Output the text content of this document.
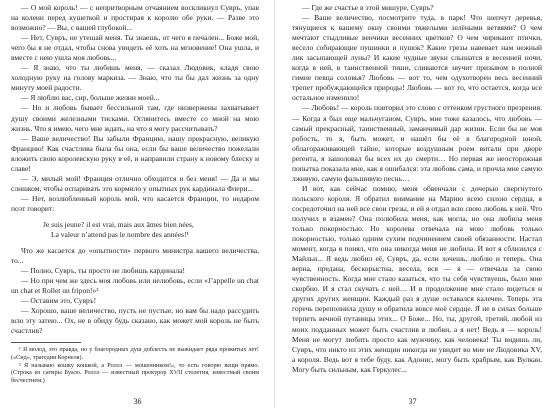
— О мой король! — с непритворным отчаянием воскликнул Сувръ, упав на колени перед кушеткой и простирая к королю обе руки. — Разве это возможно? — Вы, с вашей глубокой...

— Нет, Сувръ, не утешай меня. Ты знаешь, от чего я печален... Боже мой, чего бы я не отдал, чтобы снова увидеть её хоть на мгновение! Она ушла, и вместе с нею ушла моя любовь...

— Я знаю, что ты любишь меня, — сказал Людовик, кладя свою холодную руку на голову маркиза. — Знаю, что ты бы дал жизнь за одну минуту моей радости.

— Я люблю вас, сир, больше жизни моей...

— Но и любовь бывает бессильной там, где низвержены захватывает душу своими железными тисками. Оглянитесь вместе со мной на мою жизнь. Что я имею, чего мне ждать, на что я могу рассчитывать?

— Ваше величество! Вы забыли Францию, нашу прекрасную, великую Францию! Как счастлива была бы она, если бы ваше величество пожелали вложить свою королевскую руку в её, и направили страну к новому блеску и славе!

— Э, милый мой! Франция отлично обходится и без меня! — Да и мы слишком, чтобы оспаривать это кормило у опытных рук кардинала Флери...

— Нет, возлюбленный король мой, что касается Франции, то недаром поэт говорит:

Je suis jeune? il est vrai, mais aux âmes bien nées,
La valeur n’attend pas le nombre des années!¹

Что же касается до «опытности» первого министра вашего величества, то...

— Полно, Сувръ, ты просто не любишь кардинала!

— Но при чем же здесь моя любовь или нелюбовь, если «J’appelle un chat un chat et Rollet un fripon!»²

— Оставим это, Сувръ!

— Хорошо, ваше величество, пусть не пустые, но вам бы надо рассудить всю эту затею... Ох, не в обиду будь сказано, как может мой король не быть счастлив?

¹ Я молод, это правда, но у благородных душ доблесть не выжидает ряда прожитых лет! («Сид», трагедия Корнеля).

² Я называю кошку кошкой, а Роллэ — мошенником!», то есть говорю вещи прямо. (Строка из сатиры Буало. Роллэ — известный прокурор XVII столетия, известный своим бесчестием.)

36

— Где же счастье в этой мишуре, Сувръ?

— Ваше величество, посмотрите туда, в парк! Что шепчут деревья, тянущиеся к вашему окну своими тяжелыми зелёными ветвями? О чем мечтают стыдливые венчики весенних цветков? О чем чирикают птички, весело собирающие пушинки и пушок? Какие грезы навевает нам нежный лик засыпающей луны? И какие чудные звуки слышатся в весенней ночи, когда в ней, в таинственной тиши, сливаются звучит призывом в полной гимне певца соловья? Любовь — вот то, чем одухотворен весь весенний трепет пробуждающейся природы! Любовь — вот то, что остается, когда все остальное изменило!

— Любовь! — король повторил это слово с оттенком грустного презрения. — Когда я был еще мальчуганом, Сувръ, мне тоже казалось, что любовь — самый прекрасный, таинственный, заманчивый дар жизни. Если бы не моя робость, то я, быть может, и нашёл бы её в благородной юной, облагораживающей тайне, которые воздушным роем витали при дворе регента, я зашоловал бы всех их до смерти… Но первая же неосторожная попытка показала мне, как я ошибался: эта любовь сама, и прочла мне самую лживую, самую фальшивую песнь…

И вот, как сейчас помню, меня обвенчали с дочерью свергнутого польского короля. Я обратил внимание на Марию всею силою сердца, я сосредоточил на ней все свои грезы, и ей я отдал всю свою любовь к ней. Что получил я взамен? Она полюбила меня, как могла, но она любила меня только покорностью. Но королева отвечала на мою любовь только покорностью, только одним сухим подчинением своей обязанности. Настал момент, когда я понял, что она никогда меня не любила. И вот я сблизился с Майльи... Я ведь любил её, Сувръ, да, если хочешь, люблю и теперь. Она верна, предана, бескорыстна, весела, вся — я — отвечала за свою чувственность. Когда мне стало казаться, что ты себя чувствуешь, было мне скорбно. И я стал скучать с ней… И в продолжение мне стало видеться и других других женщин. Каждый раз я душе оставался калечен. Теперь эта горечь переполнила душу и обратила вовсе моё сердце. Я не в силах больше терпеть вечной путаницы этих... О Боже... Но, ты, другой, третий, любой из моих подданных может быть счастлив в любви, а я нет! Ведь я — король! Меня не могут любить просто как мужчину, как человека! Ты видишь ли, Сувръ, что никто из этих женщин никогда не увидит во мне не Людовика XV, а короля. Ведь вот я тебе буду, как Адонис, могу быть храбрым, как Вулкан. Могу быть сильным, как Геркулес...

37
